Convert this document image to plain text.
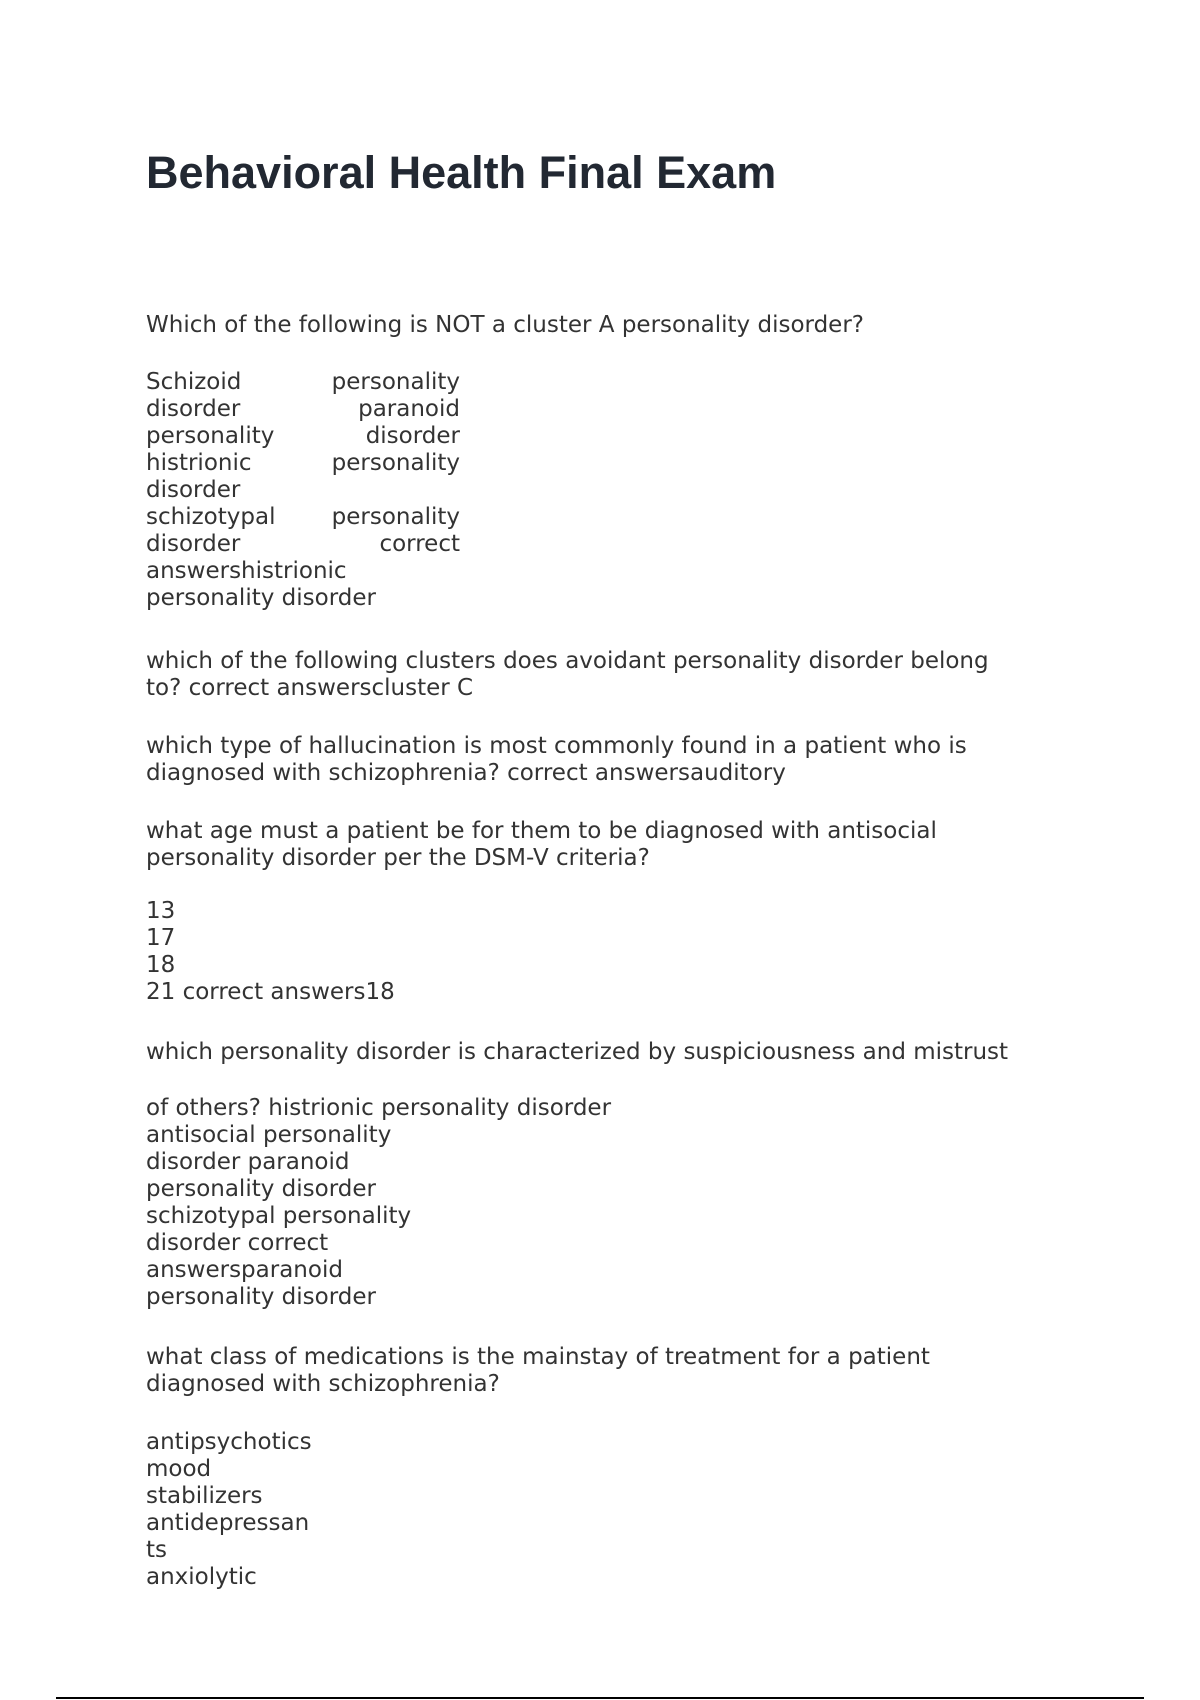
Behavioral Health Final Exam
Which of the following is NOT a cluster A personality disorder?
Schizoid	personality
disorder	paranoid
personality	disorder
histrionic	personality
disorder
schizotypal personality
disorder	correct
answershistrionic
personality disorder
which of the following clusters does avoidant personality disorder belong
to? correct answerscluster C
which type of hallucination is most commonly found in a patient who is
diagnosed with schizophrenia? correct answersauditory
what age must a patient be for them to be diagnosed with antisocial
personality disorder per the DSM-V criteria?
13
17
18
21 correct answers18
which personality disorder is characterized by suspiciousness and mistrust
of others? histrionic personality disorder
antisocial personality
disorder paranoid
personality disorder
schizotypal personality
disorder correct
answersparanoid
personality disorder
what class of medications is the mainstay of treatment for a patient
diagnosed with schizophrenia?
antipsychotics
mood
stabilizers
antidepressan
ts
anxiolytic
